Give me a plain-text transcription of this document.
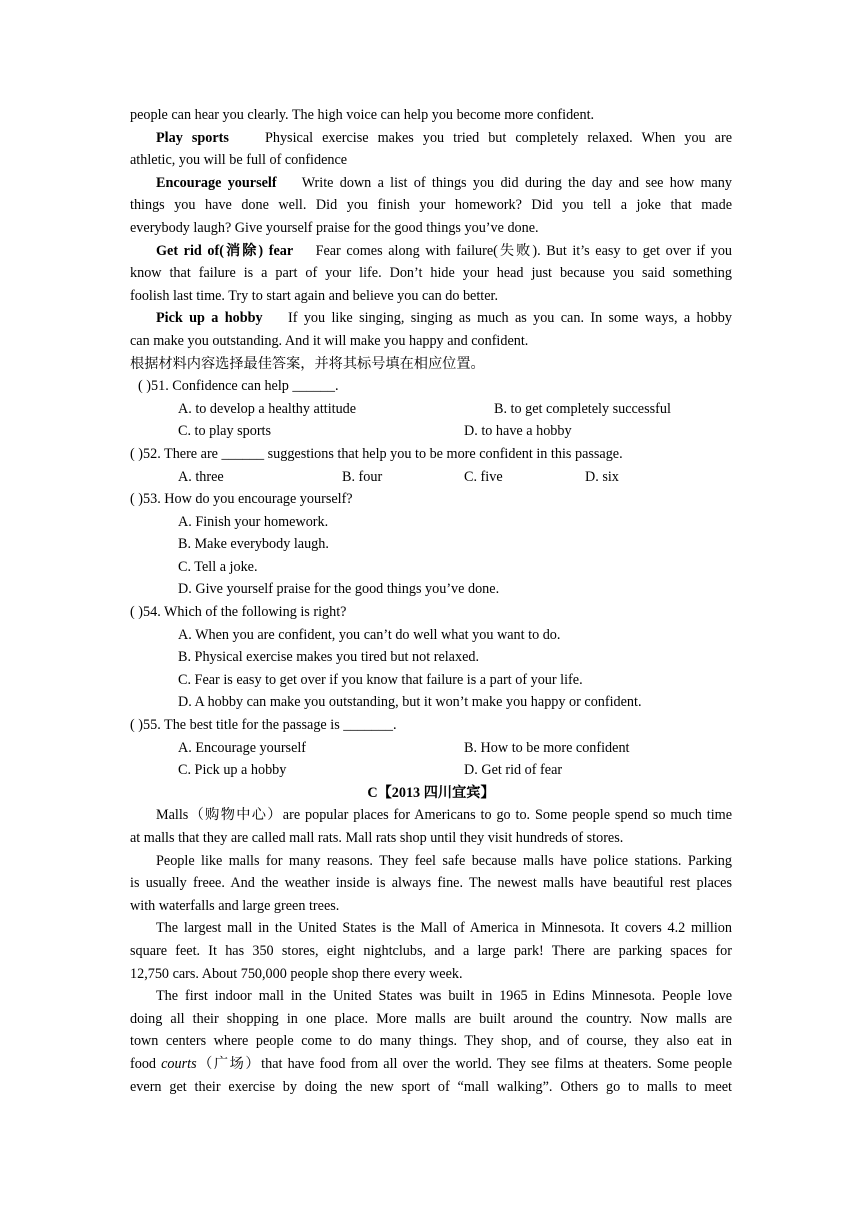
people can hear you clearly. The high voice can help you become more confident.
Play sports	Physical exercise makes you tried but completely relaxed. When you are
athletic, you will be full of confidence
Encourage yourself Write down a list of things you did during the day and see how many
things you have done well. Did you finish your homework? Did you tell a joke that made
everybody laugh? Give yourself praise for the good things you’ve done.
Get rid of(消除) fear Fear comes along with failure(失败). But it’s easy to get over if you
know that failure is a part of your life. Don’t hide your head just because you said something
foolish last time. Try to start again and believe you can do better.
Pick up a hobby If you like singing, singing as much as you can. In some ways, a hobby
can make you outstanding. And it will make you happy and confident.
根据材料内容选择最佳答案，并将其标号填在相应位置。
( )51. Confidence can help ______.
A. to develop a healthy attitude	B. to get completely successful
C. to play sports	D. to have a hobby
( )52. There are ______ suggestions that help you to be more confident in this passage.
A. three	B. four	C. five	D. six
( )53. How do you encourage yourself?
A. Finish your homework.
B. Make everybody laugh.
C. Tell a joke.
D. Give yourself praise for the good things you’ve done.
( )54. Which of the following is right?
A. When you are confident, you can’t do well what you want to do.
B. Physical exercise makes you tired but not relaxed.
C. Fear is easy to get over if you know that failure is a part of your life.
D. A hobby can make you outstanding, but it won’t make you happy or confident.
( )55. The best title for the passage is _______.
A. Encourage yourself	B. How to be more confident
C. Pick up a hobby	D. Get rid of fear
C【2013 四川宜宾】
Malls（购物中心）are popular places for Americans to go to. Some people spend so much time
at malls that they are called mall rats. Mall rats shop until they visit hundreds of stores.
People like malls for many reasons. They feel safe because malls have police stations. Parking
is usually freee. And the weather inside is always fine. The newest malls have beautiful rest places
with waterfalls and large green trees.
The largest mall in the United States is the Mall of America in Minnesota. It covers 4.2 million
square feet. It has 350 stores, eight nightclubs, and a large park! There are parking spaces for
12,750 cars. About 750,000 people shop there every week.
The first indoor mall in the United States was built in 1965 in Edins Minnesota. People love
doing all their shopping in one place. More malls are built around the country. Now malls are
town centers where people come to do many things. They shop, and of course, they also eat in
food courts（广场）that have food from all over the world. They see films at theaters. Some people
evern get their exercise by doing the new sport of “mall walking”. Others go to malls to meet
